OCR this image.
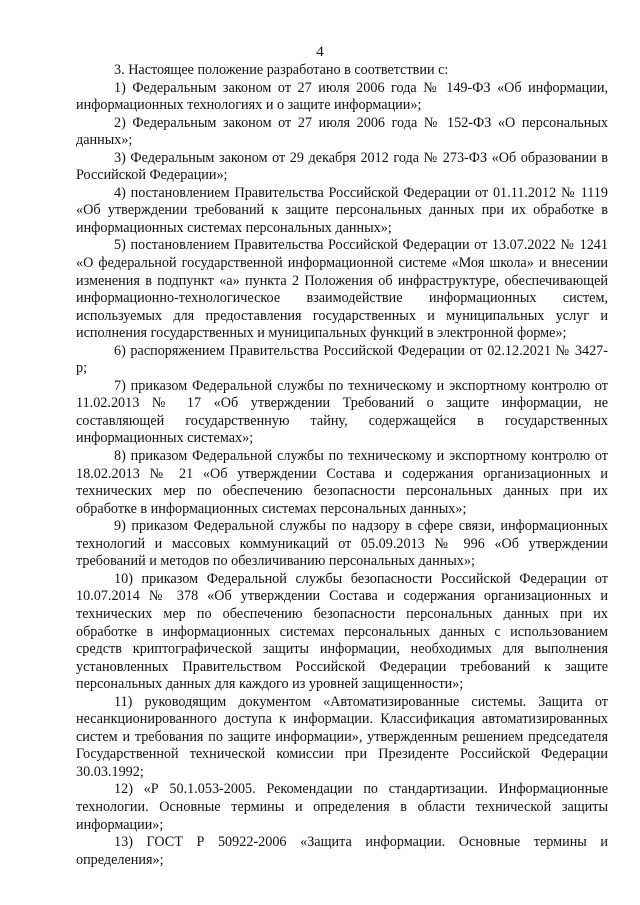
4

3. Настоящее положение разработано в соответствии с:

1) Федеральным законом от 27 июля 2006 года № 149-ФЗ «Об информации, информационных технологиях и о защите информации»;

2) Федеральным законом от 27 июля 2006 года № 152-ФЗ «О персональных данных»;

3) Федеральным законом от 29 декабря 2012 года № 273-ФЗ «Об образовании в Российской Федерации»;

4) постановлением Правительства Российской Федерации от 01.11.2012 № 1119 «Об утверждении требований к защите персональных данных при их обработке в информационных системах персональных данных»;

5) постановлением Правительства Российской Федерации от 13.07.2022 № 1241 «О федеральной государственной информационной системе «Моя школа» и внесении изменения в подпункт «а» пункта 2 Положения об инфраструктуре, обеспечивающей информационно-технологическое взаимодействие информационных систем, используемых для предоставления государственных и муниципальных услуг и исполнения государственных и муниципальных функций в электронной форме»;

6) распоряжением Правительства Российской Федерации от 02.12.2021 № 3427-р;

7) приказом Федеральной службы по техническому и экспортному контролю от 11.02.2013 № 17 «Об утверждении Требований о защите информации, не составляющей государственную тайну, содержащейся в государственных информационных системах»;

8) приказом Федеральной службы по техническому и экспортному контролю от 18.02.2013 № 21 «Об утверждении Состава и содержания организационных и технических мер по обеспечению безопасности персональных данных при их обработке в информационных системах персональных данных»;

9) приказом Федеральной службы по надзору в сфере связи, информационных технологий и массовых коммуникаций от 05.09.2013 № 996 «Об утверждении требований и методов по обезличиванию персональных данных»;

10) приказом Федеральной службы безопасности Российской Федерации от 10.07.2014 № 378 «Об утверждении Состава и содержания организационных и технических мер по обеспечению безопасности персональных данных при их обработке в информационных системах персональных данных с использованием средств криптографической защиты информации, необходимых для выполнения установленных Правительством Российской Федерации требований к защите персональных данных для каждого из уровней защищенности»;

11) руководящим документом «Автоматизированные системы. Защита от несанкционированного доступа к информации. Классификация автоматизированных систем и требования по защите информации», утвержденным решением председателя Государственной технической комиссии при Президенте Российской Федерации 30.03.1992;

12) «Р 50.1.053-2005. Рекомендации по стандартизации. Информационные технологии. Основные термины и определения в области технической защиты информации»;

13) ГОСТ Р 50922-2006 «Защита информации. Основные термины и определения»;
